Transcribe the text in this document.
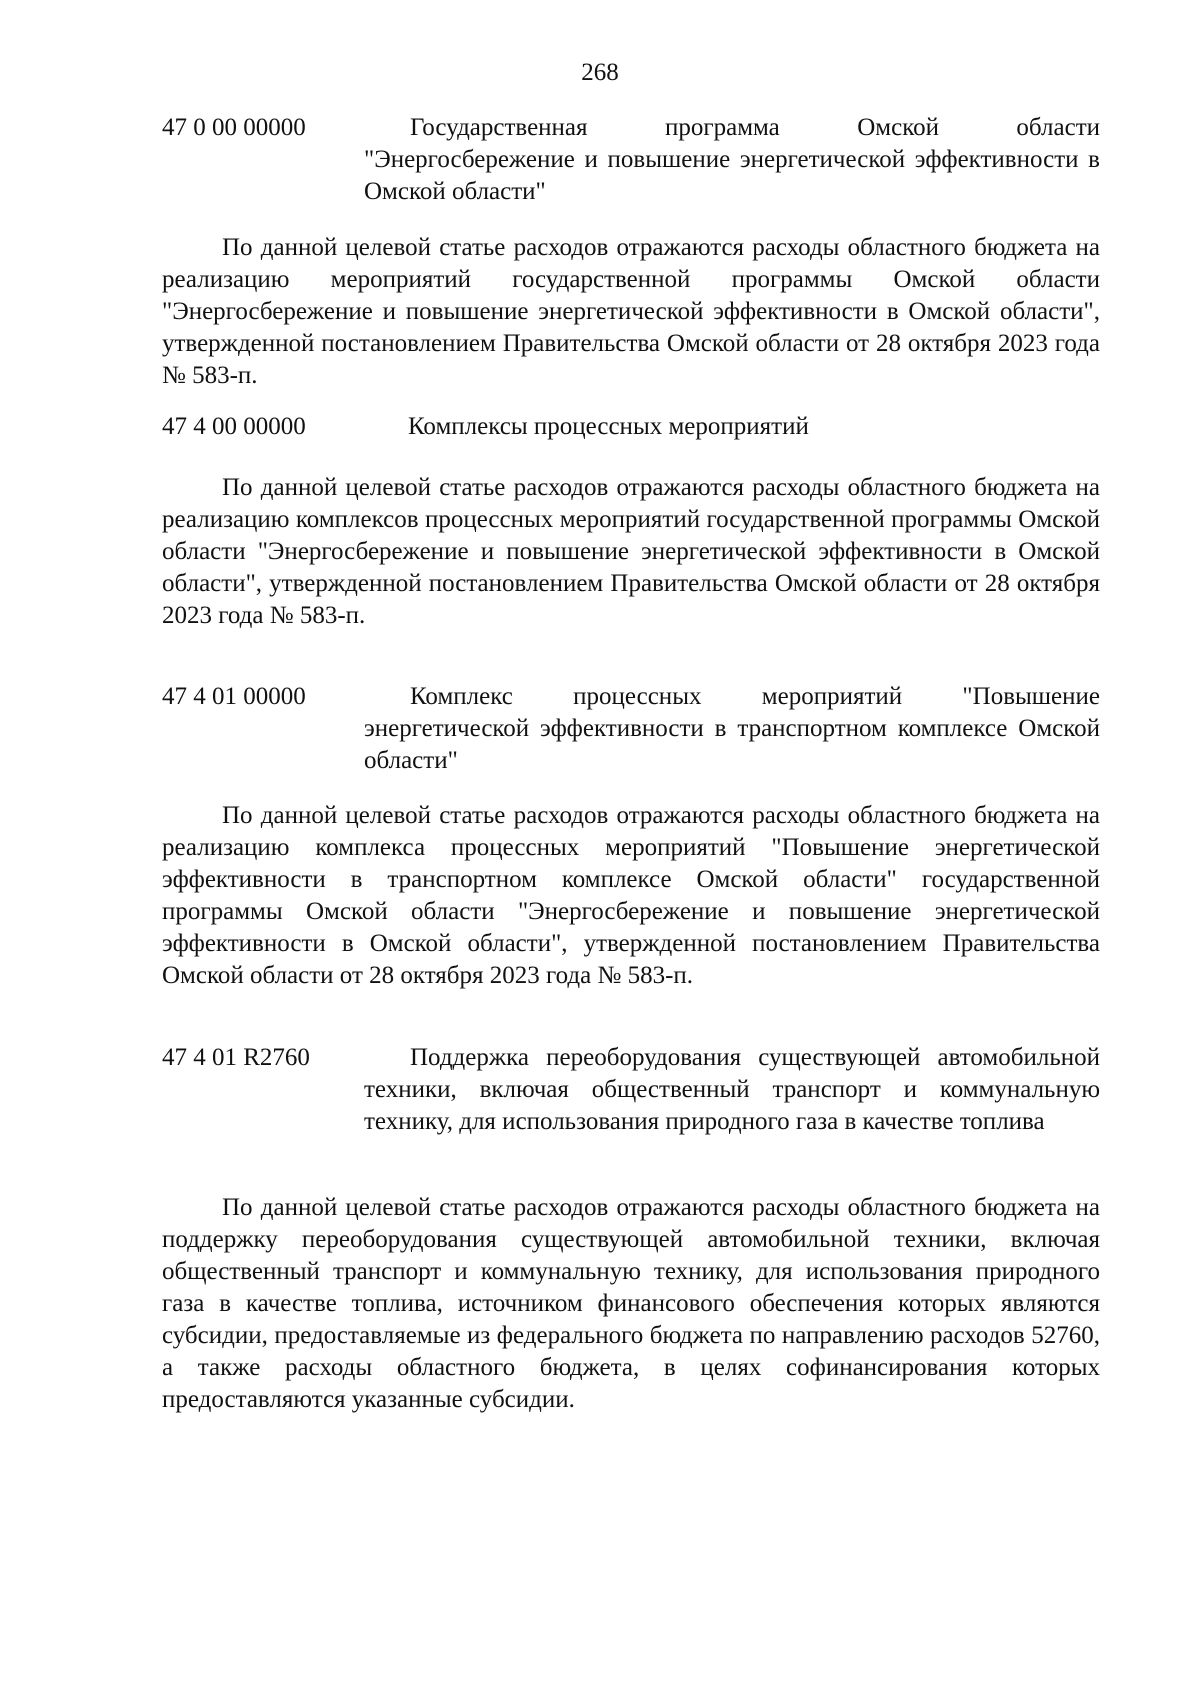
268
47 0 00 00000	Государственная программа Омской области "Энергосбережение и повышение энергетической эффективности в Омской области"

По данной целевой статье расходов отражаются расходы областного бюджета на реализацию мероприятий государственной программы Омской области "Энергосбережение и повышение энергетической эффективности в Омской области", утвержденной постановлением Правительства Омской области от 28 октября 2023 года № 583-п.

47 4 00 00000	Комплексы процессных мероприятий

По данной целевой статье расходов отражаются расходы областного бюджета на реализацию комплексов процессных мероприятий государственной программы Омской области "Энергосбережение и повышение энергетической эффективности в Омской области", утвержденной постановлением Правительства Омской области от 28 октября 2023 года № 583-п.

47 4 01 00000	Комплекс процессных мероприятий "Повышение энергетической эффективности в транспортном комплексе Омской области"

По данной целевой статье расходов отражаются расходы областного бюджета на реализацию комплекса процессных мероприятий "Повышение энергетической эффективности в транспортном комплексе Омской области" государственной программы Омской области "Энергосбережение и повышение энергетической эффективности в Омской области", утвержденной постановлением Правительства Омской области от 28 октября 2023 года № 583-п.

47 4 01 R2760	Поддержка переоборудования существующей автомобильной техники, включая общественный транспорт и коммунальную технику, для использования природного газа в качестве топлива

По данной целевой статье расходов отражаются расходы областного бюджета на поддержку переоборудования существующей автомобильной техники, включая общественный транспорт и коммунальную технику, для использования природного газа в качестве топлива, источником финансового обеспечения которых являются субсидии, предоставляемые из федерального бюджета по направлению расходов 52760, а также расходы областного бюджета, в целях софинансирования которых предоставляются указанные субсидии.
